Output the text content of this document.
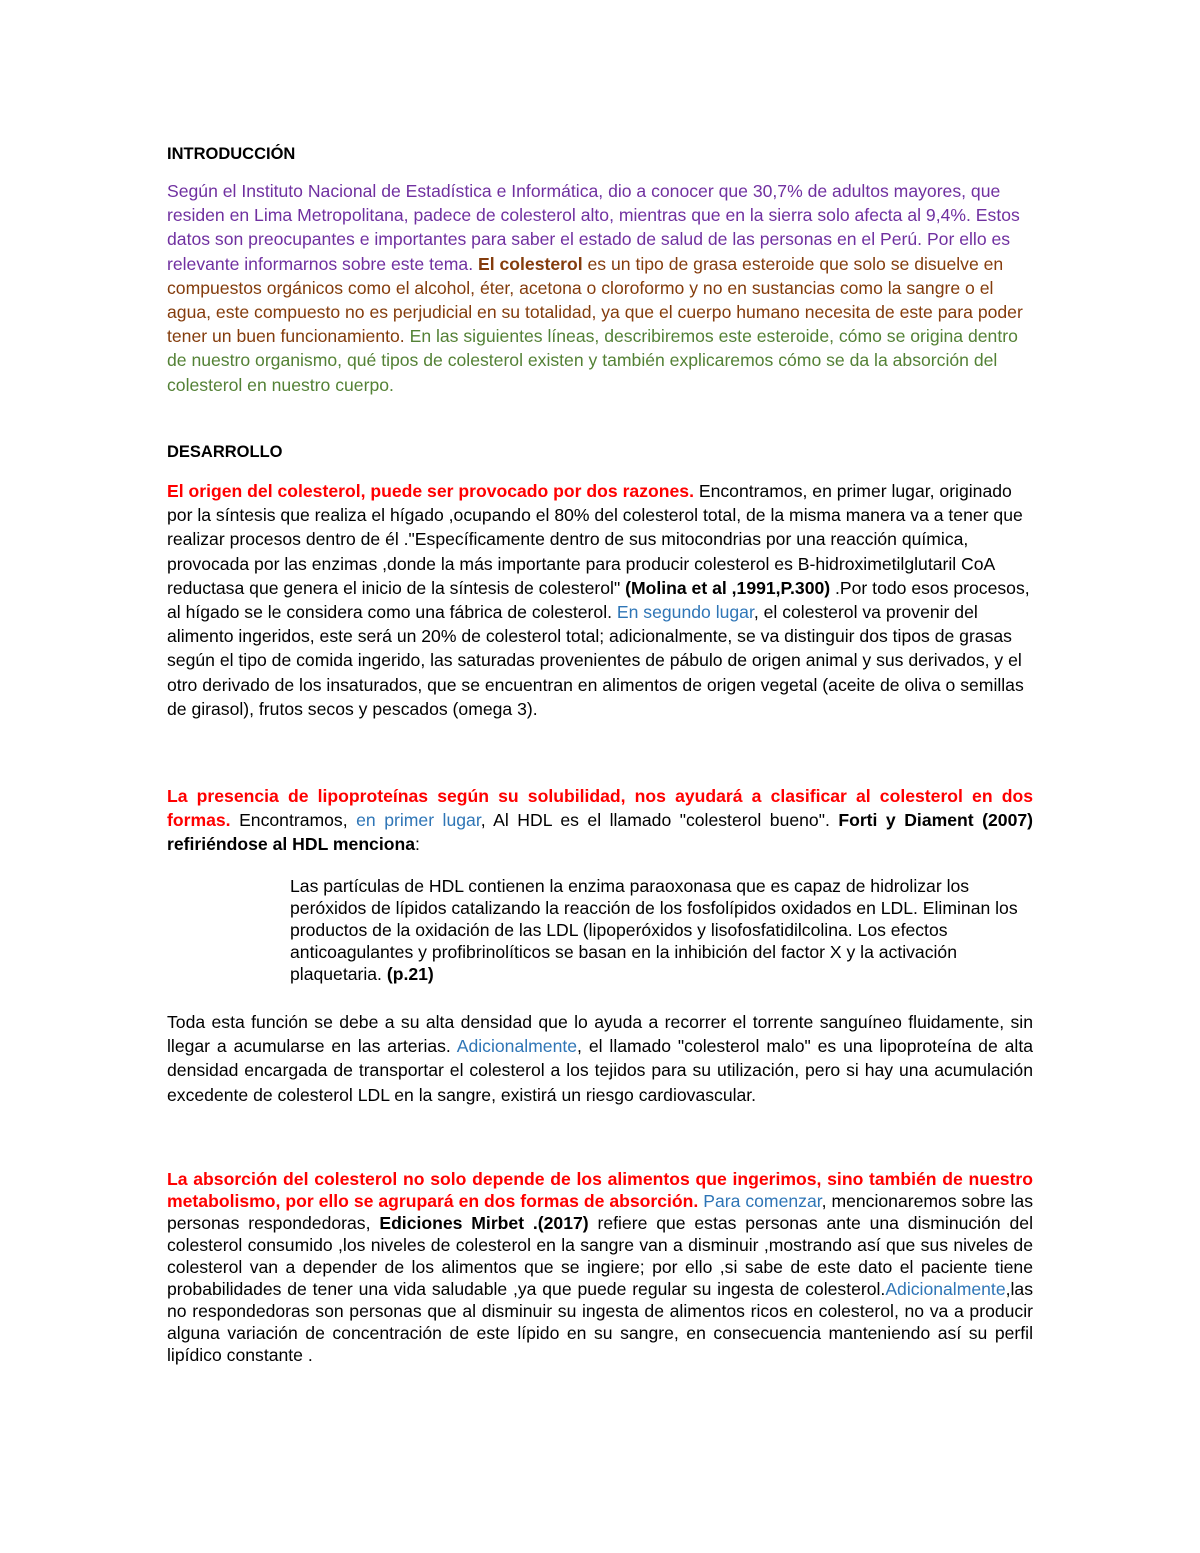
INTRODUCCIÓN
Según el Instituto Nacional de Estadística e Informática, dio a conocer que 30,7% de adultos mayores, que residen en Lima Metropolitana, padece de colesterol alto, mientras que en la sierra solo afecta al 9,4%. Estos datos son preocupantes e importantes para saber el estado de salud de las personas en el Perú. Por ello es relevante informarnos sobre este tema. El colesterol es un tipo de grasa esteroide que solo se disuelve en compuestos orgánicos como el alcohol, éter, acetona o cloroformo y no en sustancias como la sangre o el agua, este compuesto no es perjudicial en su totalidad, ya que el cuerpo humano necesita de este para poder tener un buen funcionamiento. En las siguientes líneas, describiremos este esteroide, cómo se origina dentro de nuestro organismo, qué tipos de colesterol existen y también explicaremos cómo se da la absorción del colesterol en nuestro cuerpo.
DESARROLLO
El origen del colesterol, puede ser provocado por dos razones. Encontramos, en primer lugar, originado por la síntesis que realiza el hígado ,ocupando el 80% del colesterol total, de la misma manera va a tener que realizar procesos dentro de él ."Específicamente dentro de sus mitocondrias por una reacción química, provocada por las enzimas ,donde la más importante para producir colesterol es B-hidroximetilglutaril CoA reductasa que genera el inicio de la síntesis de colesterol" (Molina et al ,1991,P.300) .Por todo esos procesos, al hígado se le considera como una fábrica de colesterol. En segundo lugar, el colesterol va provenir del alimento ingeridos, este será un 20% de colesterol total; adicionalmente, se va distinguir dos tipos de grasas según el tipo de comida ingerido, las saturadas provenientes de pábulo de origen animal y sus derivados, y el otro derivado de los insaturados, que se encuentran en alimentos de origen vegetal (aceite de oliva o semillas de girasol), frutos secos y pescados (omega 3).
La presencia de lipoproteínas según su solubilidad, nos ayudará a clasificar al colesterol en dos formas. Encontramos, en primer lugar, Al HDL es el llamado "colesterol bueno". Forti y Diament (2007) refiriéndose al HDL menciona:
Las partículas de HDL contienen la enzima paraoxonasa que es capaz de hidrolizar los peróxidos de lípidos catalizando la reacción de los fosfolípidos oxidados en LDL. Eliminan los productos de la oxidación de las LDL (lipoperóxidos y lisofosfatidilcolina. Los efectos anticoagulantes y profibrinolíticos se basan en la inhibición del factor X y la activación plaquetaria. (p.21)
Toda esta función se debe a su alta densidad que lo ayuda a recorrer el torrente sanguíneo fluidamente, sin llegar a acumularse en las arterias. Adicionalmente, el llamado "colesterol malo" es una lipoproteína de alta densidad encargada de transportar el colesterol a los tejidos para su utilización, pero si hay una acumulación excedente de colesterol LDL en la sangre, existirá un riesgo cardiovascular.
La absorción del colesterol no solo depende de los alimentos que ingerimos, sino también de nuestro metabolismo, por ello se agrupará en dos formas de absorción. Para comenzar, mencionaremos sobre las personas respondedoras, Ediciones Mirbet .(2017) refiere que estas personas ante una disminución del colesterol consumido ,los niveles de colesterol en la sangre van a disminuir ,mostrando así que sus niveles de colesterol van a depender de los alimentos que se ingiere; por ello ,si sabe de este dato el paciente tiene probabilidades de tener una vida saludable ,ya que puede regular su ingesta de colesterol.Adicionalmente,las no respondedoras son personas que al disminuir su ingesta de alimentos ricos en colesterol, no va a producir alguna variación de concentración de este lípido en su sangre, en consecuencia manteniendo así su perfil lipídico constante .
